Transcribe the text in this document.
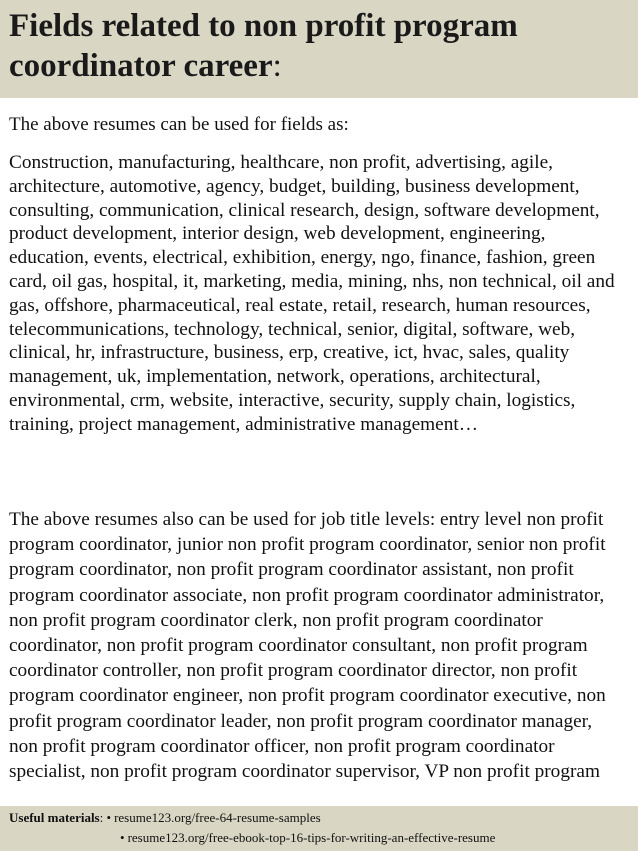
Fields related to non profit program coordinator career:

The above resumes can be used for fields as:

Construction, manufacturing, healthcare, non profit, advertising, agile, architecture, automotive, agency, budget, building, business development, consulting, communication, clinical research, design, software development, product development, interior design, web development, engineering, education, events, electrical, exhibition, energy, ngo, finance, fashion, green card, oil gas, hospital, it, marketing, media, mining, nhs, non technical, oil and gas, offshore, pharmaceutical, real estate, retail, research, human resources, telecommunications, technology, technical, senior, digital, software, web, clinical, hr, infrastructure, business, erp, creative, ict, hvac, sales, quality management, uk, implementation, network, operations, architectural, environmental, crm, website, interactive, security, supply chain, logistics, training, project management, administrative management…

The above resumes also can be used for job title levels: entry level non profit program coordinator, junior non profit program coordinator, senior non profit program coordinator, non profit program coordinator assistant, non profit program coordinator associate, non profit program coordinator administrator, non profit program coordinator clerk, non profit program coordinator coordinator, non profit program coordinator consultant, non profit program coordinator controller, non profit program coordinator director, non profit program coordinator engineer, non profit program coordinator executive, non profit program coordinator leader, non profit program coordinator manager, non profit program coordinator officer, non profit program coordinator specialist, non profit program coordinator supervisor, VP non profit program

Useful materials: • resume123.org/free-64-resume-samples
• resume123.org/free-ebook-top-16-tips-for-writing-an-effective-resume
